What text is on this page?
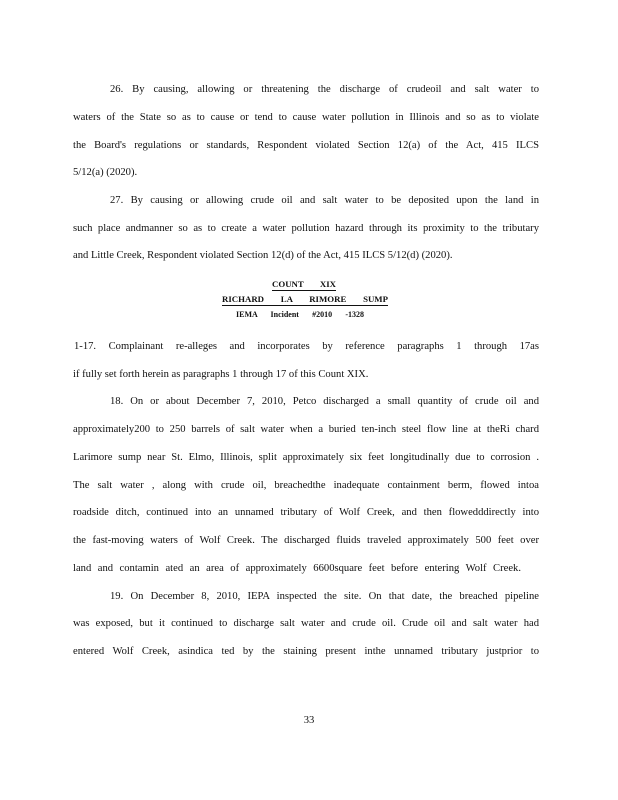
26. By causing, allowing or threatening the discharge of crudeoil and salt water to
waters of the State so as to cause or tend to cause water pollution in Illinois and so as to violate
the Board's regulations or standards, Respondent violated Section 12(a) of the Act, 415 ILCS
5/12(a) (2020).
27. By causing or allowing crude oil and salt water to be deposited upon the land in
such place andmanner so as to create a water pollution hazard through its proximity to the tributary
and Little Creek, Respondent violated Section 12(d) of the Act, 415 ILCS 5/12(d) (2020).
COUNT XIX
RICHARD LA RIMORE SUMP
IEMA Incident #2010 -1328
1-17. Complainant re-alleges and incorporates by reference paragraphs 1 through 17as
if fully set forth herein as paragraphs 1 through 17 of this Count XIX.
18. On or about December 7, 2010, Petco discharged a small quantity of crude oil and
approximately200 to 250 barrels of salt water when a buried ten-inch steel flow line at theRi chard
Larimore sump near St. Elmo, Illinois, split approximately six feet longitudinally due to corrosion .
The salt water , along with crude oil, breachedthe inadequate containment berm, flowed intoa
roadside ditch, continued into an unnamed tributary of Wolf Creek, and then flowedddirectly into
the fast-moving waters of Wolf Creek. The discharged fluids traveled approximately 500 feet over
land and contamin ated an area of approximately 6600square feet before entering Wolf Creek.
19. On December 8, 2010, IEPA inspected the site. On that date, the breached pipeline
was exposed, but it continued to discharge salt water and crude oil. Crude oil and salt water had
entered Wolf Creek, asindica ted by the staining present inthe unnamed tributary justprior to
33
